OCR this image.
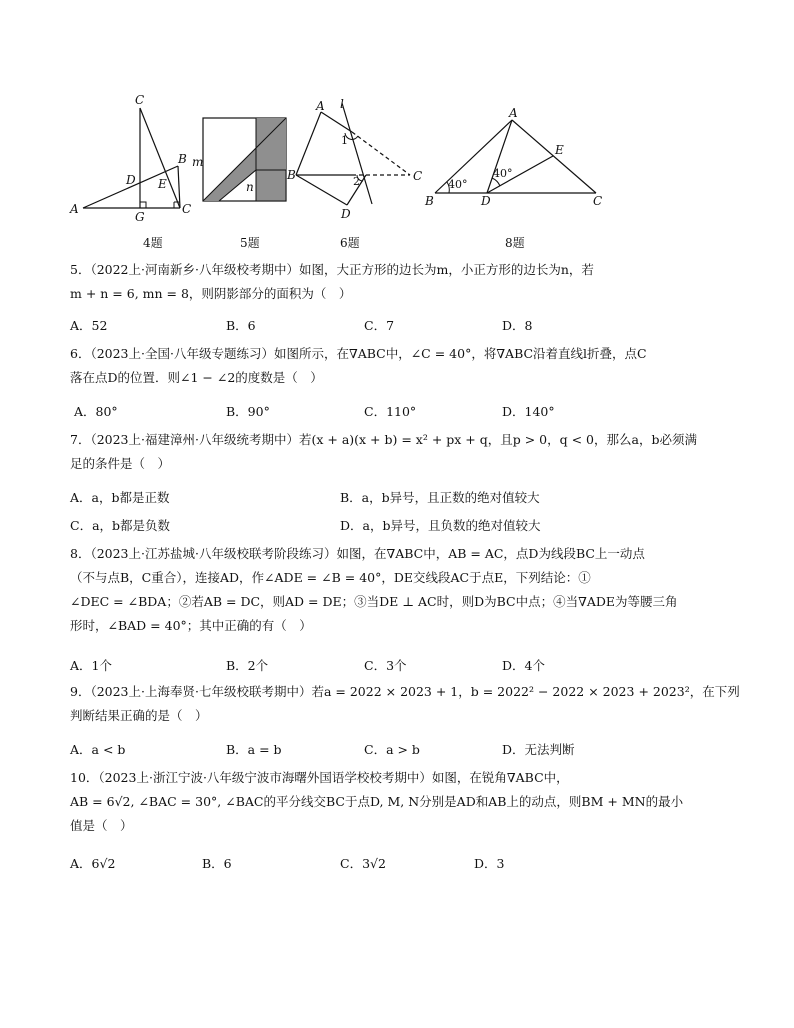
C
B
D E
A
G
C
m
n
A l
1
B	2	C
D
A
E
B	D	C
40°
40°
4题	5题	6题	8题
5．（2022上·河南新乡·八年级校考期中）如图，大正方形的边长为m，小正方形的边长为n，若
m + n = 6, mn = 8，则阴影部分的面积为（　）
A．52	B．6	C．7	D．8
6．（2023上·全国·八年级专题练习）如图所示，在∇ABC中，∠C = 40°，将∇ABC沿着直线l折叠，点C
落在点D的位置．则∠1 − ∠2的度数是（　）
A．80°	B．90°	C．110°	D．140°
7．（2023上·福建漳州·八年级统考期中）若(x + a)(x + b) = x² + px + q，且p > 0，q < 0，那么a，b必须满
足的条件是（　）
A．a，b都是正数	B．a，b异号，且正数的绝对值较大
C．a，b都是负数	D．a，b异号，且负数的绝对值较大
8．（2023上·江苏盐城·八年级校联考阶段练习）如图，在∇ABC中，AB = AC，点D为线段BC上一动点
（不与点B，C重合），连接AD，作∠ADE = ∠B = 40°，DE交线段AC于点E，下列结论：①
∠DEC = ∠BDA；②若AB = DC，则AD = DE；③当DE ⊥ AC时，则D为BC中点；④当∇ADE为等腰三角
形时，∠BAD = 40°；其中正确的有（　）
A．1个	B．2个	C．3个	D．4个
9．（2023上·上海奉贤·七年级校联考期中）若a = 2022 × 2023 + 1，b = 2022² − 2022 × 2023 + 2023²，在下列
判断结果正确的是（　）
A．a < b	B．a = b	C．a > b	D．无法判断
10．（2023上·浙江宁波·八年级宁波市海曙外国语学校校考期中）如图，在锐角∇ABC中，
AB = 6√2, ∠BAC = 30°, ∠BAC的平分线交BC于点D, M, N分别是AD和AB上的动点，则BM + MN的最小
值是（　）
A．6√2	B．6	C．3√2	D．3
